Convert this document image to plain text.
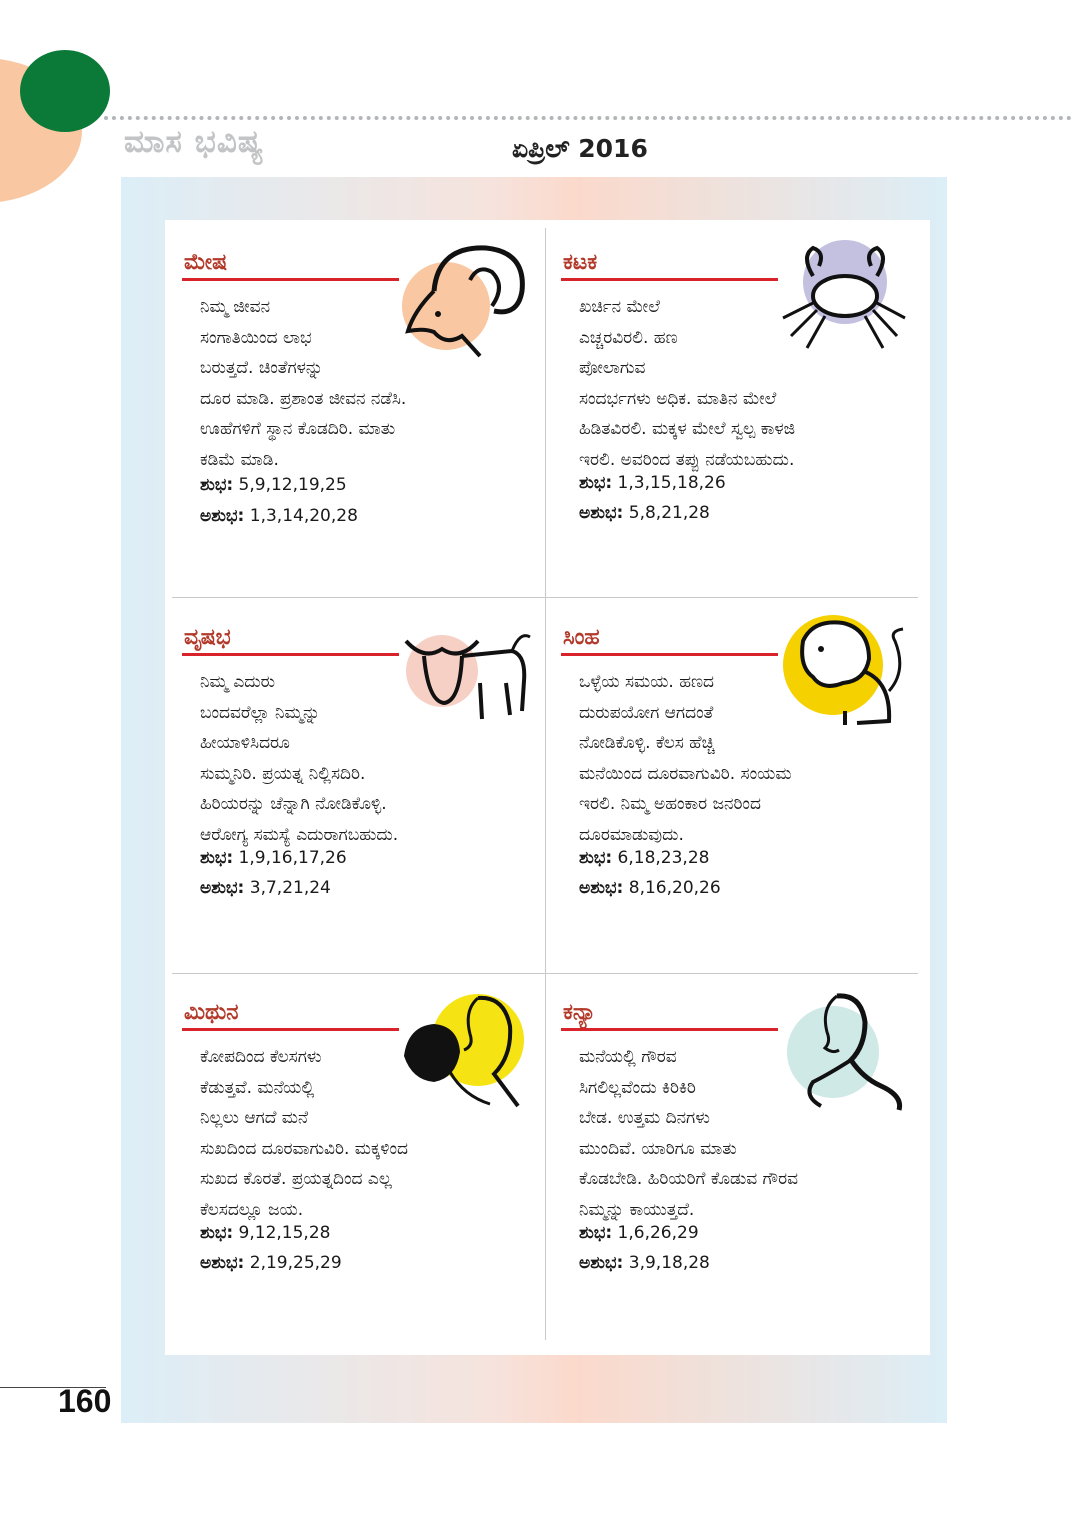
ಮಾಸ ಭವಿಷ್ಯ	ಏಪ್ರಿಲ್ 2016
ಮೇಷ

ನಿಮ್ಮ ಜೀವನ
ಸಂಗಾತಿಯಿಂದ ಲಾಭ
ಬರುತ್ತದೆ. ಚಿಂತೆಗಳನ್ನು
ದೂರ ಮಾಡಿ. ಪ್ರಶಾಂತ ಜೀವನ ನಡೆಸಿ.
ಊಹೆಗಳಿಗೆ ಸ್ಥಾನ ಕೊಡದಿರಿ. ಮಾತು
ಕಡಿಮೆ ಮಾಡಿ.

ಶುಭ: 5,9,12,19,25
ಅಶುಭ: 1,3,14,20,28
ಕಟಕ

ಖರ್ಚಿನ ಮೇಲೆ
ಎಚ್ಚರವಿರಲಿ. ಹಣ
ಪೋಲಾಗುವ
ಸಂದರ್ಭಗಳು ಅಧಿಕ. ಮಾತಿನ ಮೇಲೆ
ಹಿಡಿತವಿರಲಿ. ಮಕ್ಕಳ ಮೇಲೆ ಸ್ವಲ್ಪ ಕಾಳಜಿ
ಇರಲಿ. ಅವರಿಂದ ತಪ್ಪು ನಡೆಯಬಹುದು.

ಶುಭ: 1,3,15,18,26
ಅಶುಭ: 5,8,21,28
ವೃಷಭ

ನಿಮ್ಮ ಎದುರು
ಬಂದವರೆಲ್ಲಾ ನಿಮ್ಮನ್ನು
ಹೀಯಾಳಿಸಿದರೂ
ಸುಮ್ಮನಿರಿ. ಪ್ರಯತ್ನ ನಿಲ್ಲಿಸದಿರಿ.
ಹಿರಿಯರನ್ನು ಚೆನ್ನಾಗಿ ನೋಡಿಕೊಳ್ಳಿ.
ಆರೋಗ್ಯ ಸಮಸ್ಯೆ ಎದುರಾಗಬಹುದು.

ಶುಭ: 1,9,16,17,26
ಅಶುಭ: 3,7,21,24
ಸಿಂಹ

ಒಳ್ಳೆಯ ಸಮಯ. ಹಣದ
ದುರುಪಯೋಗ ಆಗದಂತೆ
ನೋಡಿಕೊಳ್ಳಿ. ಕೆಲಸ ಹೆಚ್ಚಿ
ಮನೆಯಿಂದ ದೂರವಾಗುವಿರಿ. ಸಂಯಮ
ಇರಲಿ. ನಿಮ್ಮ ಅಹಂಕಾರ ಜನರಿಂದ
ದೂರಮಾಡುವುದು.

ಶುಭ: 6,18,23,28
ಅಶುಭ: 8,16,20,26
ಮಿಥುನ

ಕೋಪದಿಂದ ಕೆಲಸಗಳು
ಕೆಡುತ್ತವೆ. ಮನೆಯಲ್ಲಿ
ನಿಲ್ಲಲು ಆಗದೆ ಮನೆ
ಸುಖದಿಂದ ದೂರವಾಗುವಿರಿ. ಮಕ್ಕಳಿಂದ
ಸುಖದ ಕೊರತೆ. ಪ್ರಯತ್ನದಿಂದ ಎಲ್ಲ
ಕೆಲಸದಲ್ಲೂ ಜಯ.

ಶುಭ: 9,12,15,28
ಅಶುಭ: 2,19,25,29
ಕನ್ಯಾ

ಮನೆಯಲ್ಲಿ ಗೌರವ
ಸಿಗಲಿಲ್ಲವೆಂದು ಕಿರಿಕಿರಿ
ಬೇಡ. ಉತ್ತಮ ದಿನಗಳು
ಮುಂದಿವೆ. ಯಾರಿಗೂ ಮಾತು
ಕೊಡಬೇಡಿ. ಹಿರಿಯರಿಗೆ ಕೊಡುವ ಗೌರವ
ನಿಮ್ಮನ್ನು ಕಾಯುತ್ತದೆ.

ಶುಭ: 1,6,26,29
ಅಶುಭ: 3,9,18,28
160
